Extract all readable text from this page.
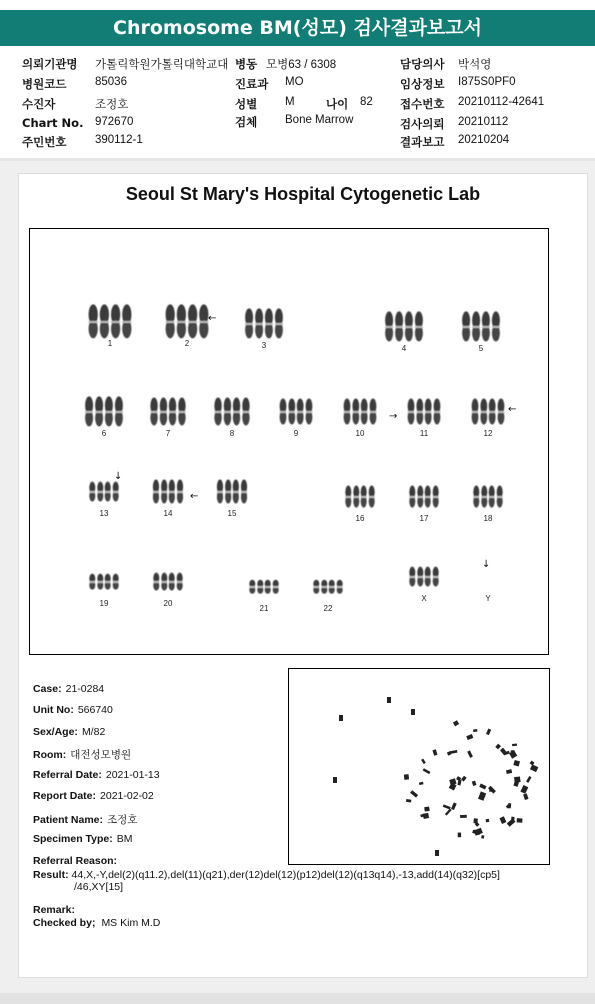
Chromosome BM(성모) 검사결과보고서
의뢰기관명 가톨릭학원가톨릭대학교대 병동 모병63 / 6308	담당의사 박석영
병원코드 85036	진료과 MO	임상정보 I875S0PF0
수진자	조정호	성별 M	나이 82 접수번호 20210112-42641
Chart No. 972670	검체 Bone Marrow	검사의뢰 20210112
주민번호 390112-1	결과보고 20210204
Seoul St Mary's Hospital Cytogenetic Lab
1	2	3	4	5
6	7	8	9	10	11	12
13	14	15
16	17	18
19	20
21	22
X	Y
←
→
←
↓
←
↓
Case: 21-0284
Unit No: 566740
Sex/Age: M/82
Room: 대전성모병원
Referral Date: 2021-01-13
Report Date: 2021-02-02
Patient Name: 조정호
Specimen Type: BM
Referral Reason:
Result: 44,X,-Y,del(2)(q11.2),del(11)(q21),der(12)del(12)(p12)del(12)(q13q14),-13,add(14)(q32)[cp5]
/46,XY[15]
Remark:
Checked by; MS Kim M.D
